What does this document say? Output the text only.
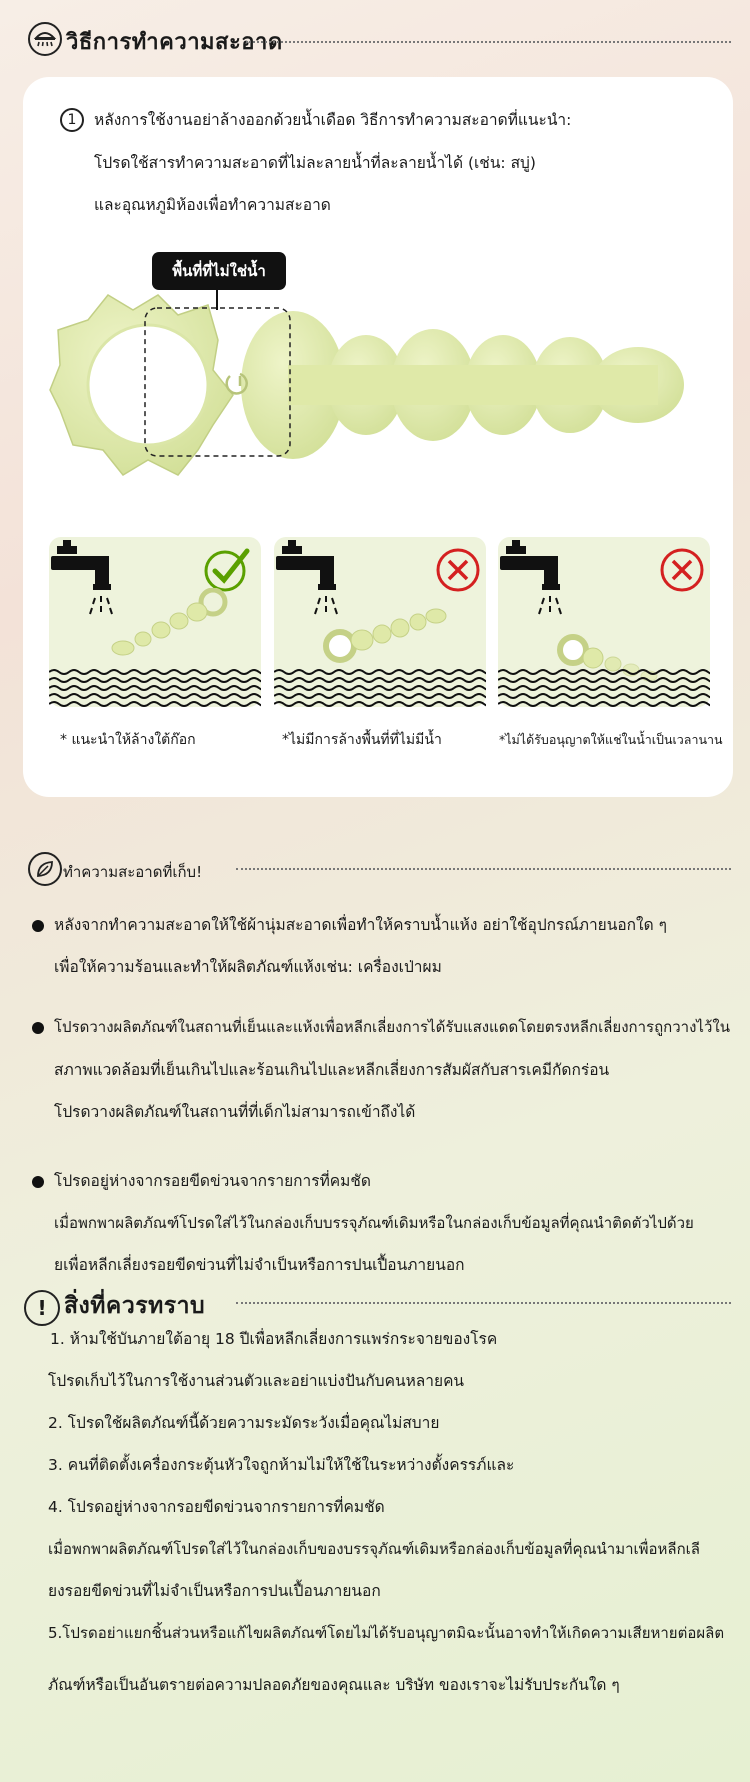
วิธีการทำความสะอาด
1	หลังการใช้งานอย่าล้างออกด้วยน้ำเดือด วิธีการทำความสะอาดที่แนะนำ:
โปรดใช้สารทำความสะอาดที่ไม่ละลายน้ำที่ละลายน้ำได้ (เช่น: สบู่)
และอุณหภูมิห้องเพื่อทำความสะอาด
พื้นที่ที่ไม่ใช่น้ำ
* แนะนำให้ล้างใต้ก๊อก	*ไม่มีการล้างพื้นที่ที่ไม่มีน้ำ	*ไม่ได้รับอนุญาตให้แช่ในน้ำเป็นเวลานาน
ทำความสะอาดที่เก็บ!
หลังจากทำความสะอาดให้ใช้ผ้านุ่มสะอาดเพื่อทำให้คราบน้ำแห้ง อย่าใช้อุปกรณ์ภายนอกใด ๆ
เพื่อให้ความร้อนและทำให้ผลิตภัณฑ์แห้งเช่น: เครื่องเป่าผม
โปรดวางผลิตภัณฑ์ในสถานที่เย็นและแห้งเพื่อหลีกเลี่ยงการได้รับแสงแดดโดยตรงหลีกเลี่ยงการถูกวางไว้ใน
สภาพแวดล้อมที่เย็นเกินไปและร้อนเกินไปและหลีกเลี่ยงการสัมผัสกับสารเคมีกัดกร่อน
โปรดวางผลิตภัณฑ์ในสถานที่ที่เด็กไม่สามารถเข้าถึงได้
โปรดอยู่ห่างจากรอยขีดข่วนจากรายการที่คมชัด
เมื่อพกพาผลิตภัณฑ์โปรดใส่ไว้ในกล่องเก็บบรรจุภัณฑ์เดิมหรือในกล่องเก็บข้อมูลที่คุณนำติดตัวไปด้วย
ยเพื่อหลีกเลี่ยงรอยขีดข่วนที่ไม่จำเป็นหรือการปนเปื้อนภายนอก
! สิ่งที่ควรทราบ
1. ห้ามใช้บันภายใต้อายุ 18 ปีเพื่อหลีกเลี่ยงการแพร่กระจายของโรค
โปรดเก็บไว้ในการใช้งานส่วนตัวและอย่าแบ่งปันกับคนหลายคน
2. โปรดใช้ผลิตภัณฑ์นี้ด้วยความระมัดระวังเมื่อคุณไม่สบาย
3. คนที่ติดตั้งเครื่องกระตุ้นหัวใจถูกห้ามไม่ให้ใช้ในระหว่างตั้งครรภ์และ
4. โปรดอยู่ห่างจากรอยขีดข่วนจากรายการที่คมชัด
เมื่อพกพาผลิตภัณฑ์โปรดใส่ไว้ในกล่องเก็บของบรรจุภัณฑ์เดิมหรือกล่องเก็บข้อมูลที่คุณนำมาเพื่อหลีกเลี
ยงรอยขีดข่วนที่ไม่จำเป็นหรือการปนเปื้อนภายนอก
5.โปรดอย่าแยกชิ้นส่วนหรือแก้ไขผลิตภัณฑ์โดยไม่ได้รับอนุญาตมิฉะนั้นอาจทำให้เกิดความเสียหายต่อผลิต
ภัณฑ์หรือเป็นอันตรายต่อความปลอดภัยของคุณและ บริษัท ของเราจะไม่รับประกันใด ๆ
